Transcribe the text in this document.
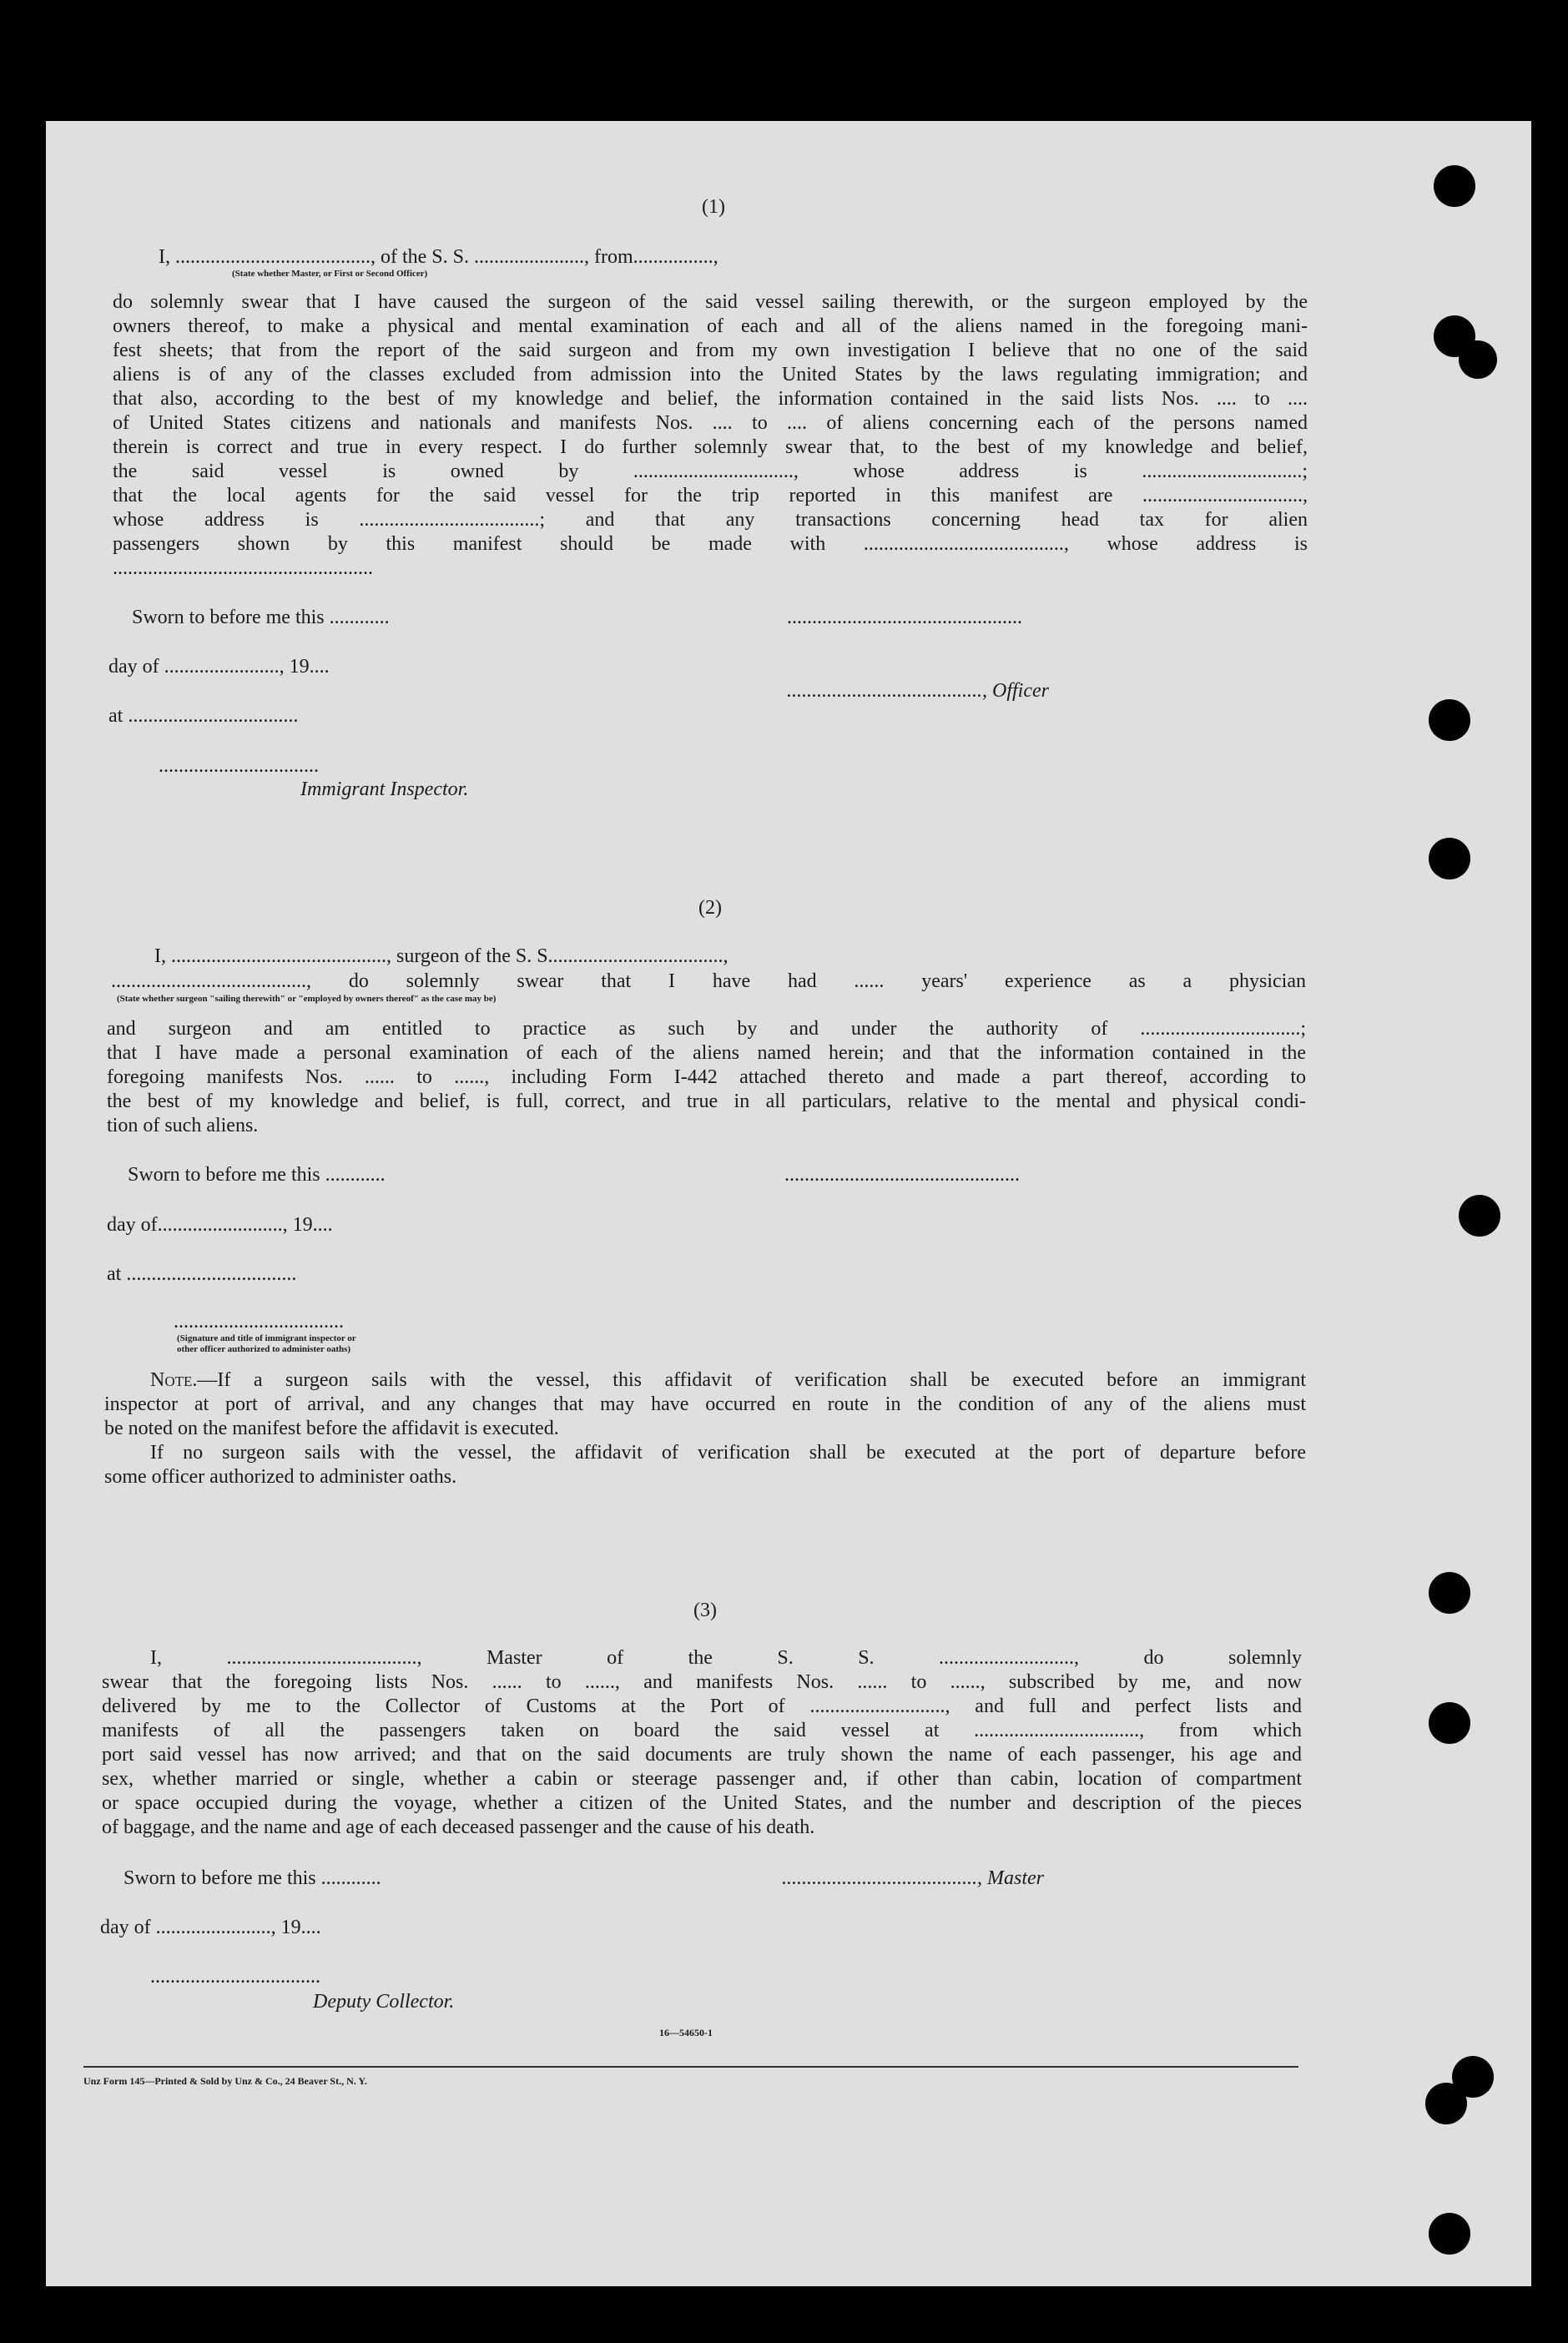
(1)
I, ......................................., of the S. S. ......................, from................,
(State whether Master, or First or Second Officer)
do solemnly swear that I have caused the surgeon of the said vessel sailing therewith, or the surgeon employed by the
owners thereof, to make a physical and mental examination of each and all of the aliens named in the foregoing mani-
fest sheets; that from the report of the said surgeon and from my own investigation I believe that no one of the said
aliens is of any of the classes excluded from admission into the United States by the laws regulating immigration; and
that also, according to the best of my knowledge and belief, the information contained in the said lists Nos. .... to ....
of United States citizens and nationals and manifests Nos. .... to .... of aliens concerning each of the persons named
therein is correct and true in every respect. I do further solemnly swear that, to the best of my knowledge and belief,
the said vessel is owned by ................................, whose address is ................................;
that the local agents for the said vessel for the trip reported in this manifest are ................................,
whose address is ....................................; and that any transactions concerning head tax for alien
passengers shown by this manifest should be made with ........................................, whose address is
....................................................
Sworn to before me this ............	...............................................
day of ......................., 19....
......................................., Officer
at ..................................
................................
Immigrant Inspector.
(2)
I, ..........................................., surgeon of the S. S...................................,
......................................., do solemnly swear that I have had ...... years' experience as a physician
(State whether surgeon "sailing therewith" or "employed by owners thereof" as the case may be)
and surgeon and am entitled to practice as such by and under the authority of ................................;
that I have made a personal examination of each of the aliens named herein; and that the information contained in the
foregoing manifests Nos. ...... to ......, including Form I-442 attached thereto and made a part thereof, according to
the best of my knowledge and belief, is full, correct, and true in all particulars, relative to the mental and physical condi-
tion of such aliens.
Sworn to before me this ............	...............................................
day of........................., 19....
at ..................................
..................................
(Signature and title of immigrant inspector or
other officer authorized to administer oaths)
Note.—If a surgeon sails with the vessel, this affidavit of verification shall be executed before an immigrant
inspector at port of arrival, and any changes that may have occurred en route in the condition of any of the aliens must
be noted on the manifest before the affidavit is executed.
If no surgeon sails with the vessel, the affidavit of verification shall be executed at the port of departure before
some officer authorized to administer oaths.
(3)
I, ......................................, Master of the S. S. ..........................., do solemnly
swear that the foregoing lists Nos. ...... to ......, and manifests Nos. ...... to ......, subscribed by me, and now
delivered by me to the Collector of Customs at the Port of ..........................., and full and perfect lists and
manifests of all the passengers taken on board the said vessel at ................................., from which
port said vessel has now arrived; and that on the said documents are truly shown the name of each passenger, his age and
sex, whether married or single, whether a cabin or steerage passenger and, if other than cabin, location of compartment
or space occupied during the voyage, whether a citizen of the United States, and the number and description of the pieces
of baggage, and the name and age of each deceased passenger and the cause of his death.
Sworn to before me this ............	......................................., Master
day of ......................., 19....
..................................
Deputy Collector.
16—54650-1
Unz Form 145—Printed & Sold by Unz & Co., 24 Beaver St., N. Y.
